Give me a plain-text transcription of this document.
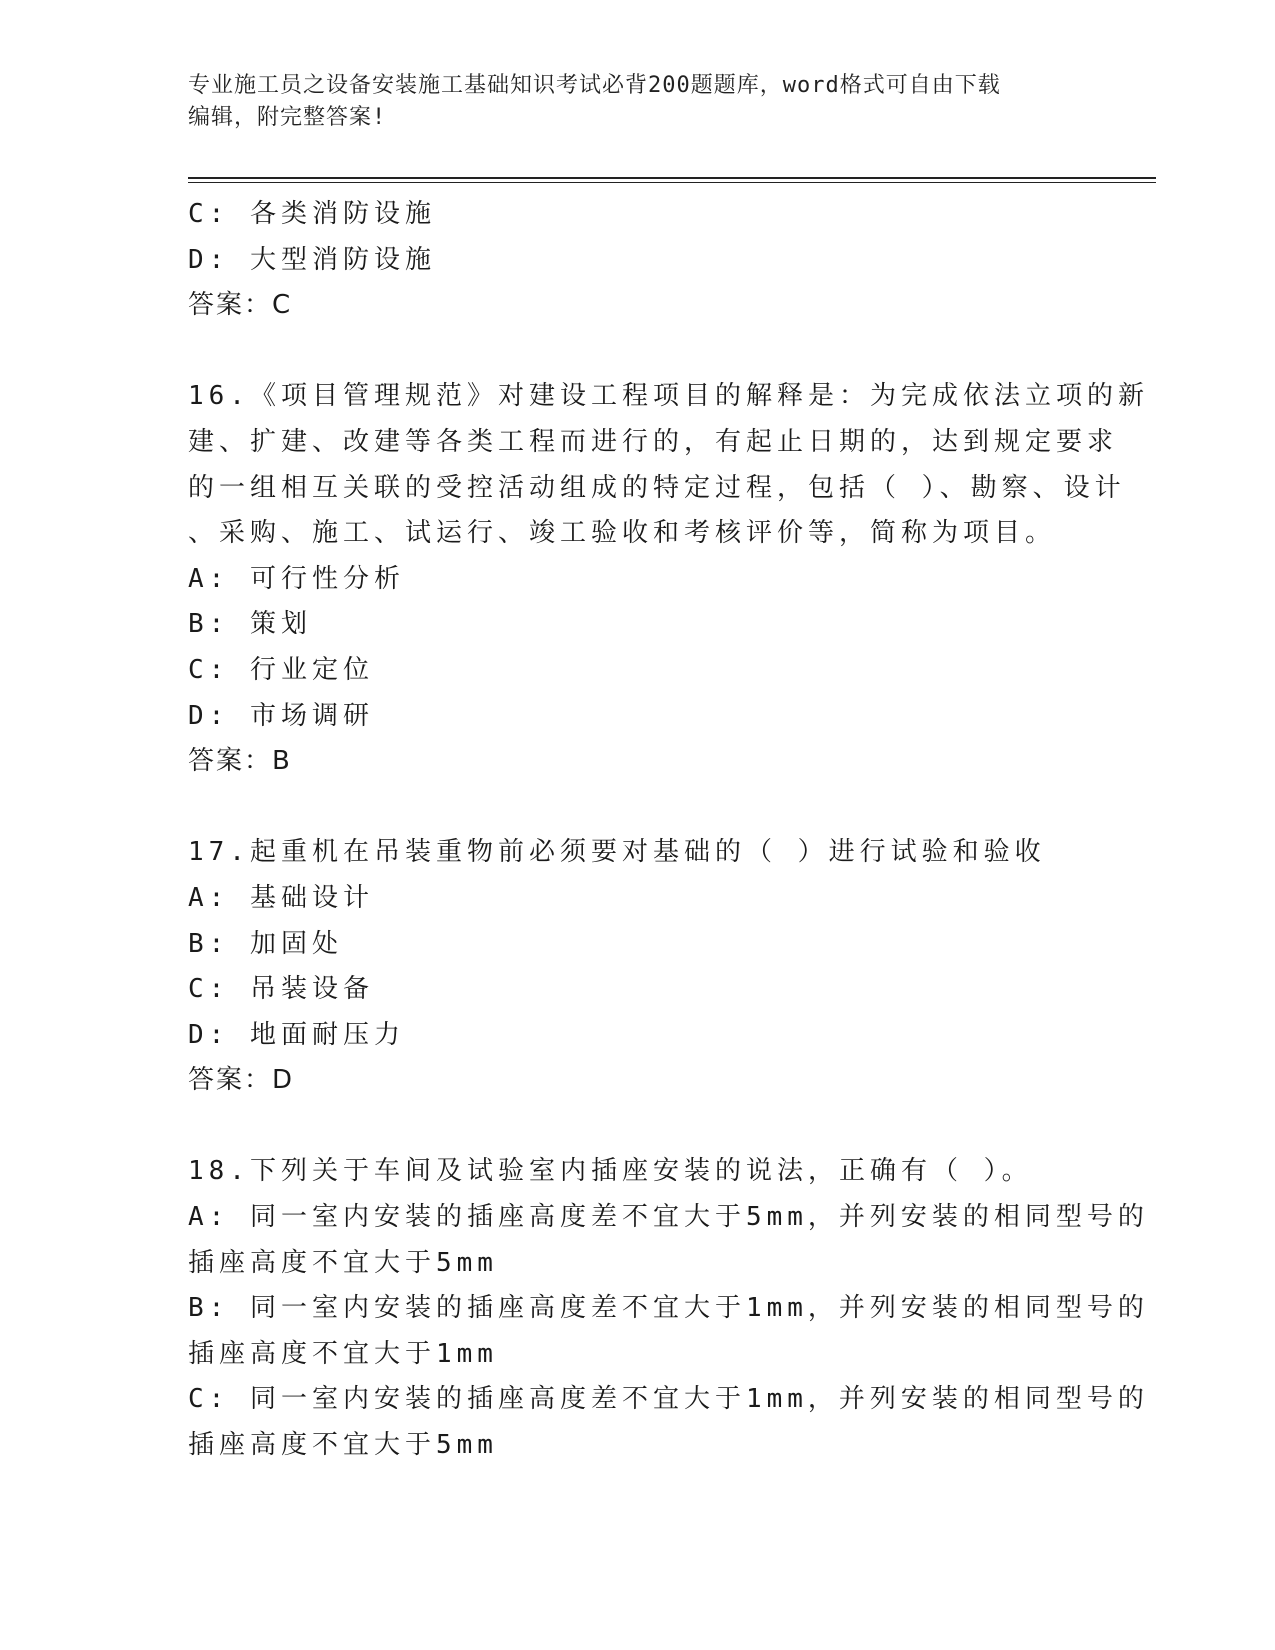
专业施工员之设备安装施工基础知识考试必背200题题库，word格式可自由下载
编辑，附完整答案!

C: 各类消防设施

D: 大型消防设施

答案：C

16.《项目管理规范》对建设工程项目的解释是：为完成依法立项的新

建、扩建、改建等各类工程而进行的，有起止日期的，达到规定要求

的一组相互关联的受控活动组成的特定过程，包括（ ）、勘察、设计

、采购、施工、试运行、竣工验收和考核评价等，简称为项目。

A: 可行性分析

B: 策划

C: 行业定位

D: 市场调研

答案：B

17.起重机在吊装重物前必须要对基础的（ ）进行试验和验收

A: 基础设计

B: 加固处

C: 吊装设备

D: 地面耐压力

答案：D

18.下列关于车间及试验室内插座安装的说法，正确有（ ）。

A: 同一室内安装的插座高度差不宜大于5mm，并列安装的相同型号的

插座高度不宜大于5mm

B: 同一室内安装的插座高度差不宜大于1mm，并列安装的相同型号的

插座高度不宜大于1mm

C: 同一室内安装的插座高度差不宜大于1mm，并列安装的相同型号的

插座高度不宜大于5mm
